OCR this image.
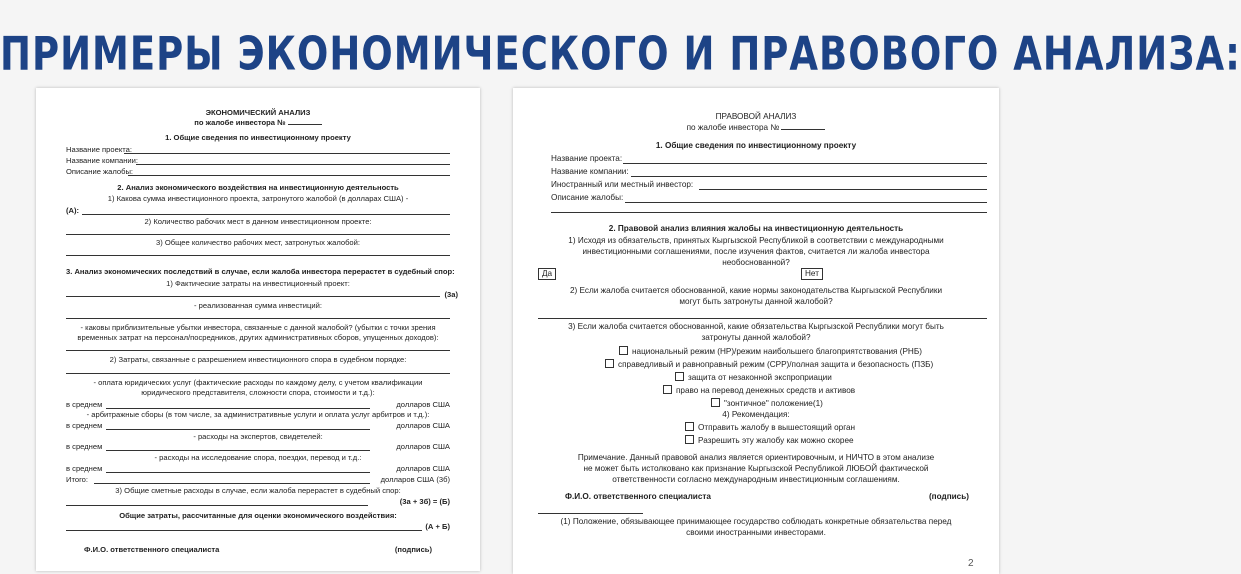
ПРИМЕРЫ ЭКОНОМИЧЕСКОГО И ПРАВОВОГО АНАЛИЗА:
ЭКОНОМИЧЕСКИЙ АНАЛИЗ
по жалобе инвестора №
1. Общие сведения по инвестиционному проекту
Название проекта:
Название компании:
Описание жалобы:
2. Анализ экономического воздействия на инвестиционную деятельность
1) Какова сумма инвестиционного проекта, затронутого жалобой (в долларах США) -
(А):
2) Количество рабочих мест в данном инвестиционном проекте:
3) Общее количество рабочих мест, затронутых жалобой:
3. Анализ экономических последствий в случае, если жалоба инвестора перерастет в судебный спор:
1) Фактические затраты на инвестиционный проект:
(3а)
- реализованная сумма инвестиций:
- каковы приблизительные убытки инвестора, связанные с данной жалобой? (убытки с точки зрения
временных затрат на персонал/посредников, других административных сборов, упущенных доходов):
2) Затраты, связанные с разрешением инвестиционного спора в судебном порядке:
- оплата юридических услуг (фактические расходы по каждому делу, с учетом квалификации
юридического представителя, сложности спора, стоимости и т.д.):
в среднем	долларов США
- арбитражные сборы (в том числе, за административные услуги и оплата услуг арбитров и т.д.):
в среднем	долларов США
- расходы на экспертов, свидетелей:
в среднем	долларов США
- расходы на исследование спора, поездки, перевод и т.д.:
в среднем	долларов США
Итого:	долларов США (3б)
3) Общие сметные расходы в случае, если жалоба перерастет в судебный спор:
(3а + 3б) = (Б)
Общие затраты, рассчитанные для оценки экономического воздействия:
(А + Б)
Ф.И.О. ответственного специалиста	(подпись)
ПРАВОВОЙ АНАЛИЗ
по жалобе инвестора №
1. Общие сведения по инвестиционному проекту
Название проекта:
Название компании:
Иностранный или местный инвестор:
Описание жалобы:
2. Правовой анализ влияния жалобы на инвестиционную деятельность
1) Исходя из обязательств, принятых Кыргызской Республикой в соответствии с международными
инвестиционными соглашениями, после изучения фактов, считается ли жалоба инвестора
необоснованной?
Да	Нет
2) Если жалоба считается обоснованной, какие нормы законодательства Кыргызской Республики
могут быть затронуты данной жалобой?
3) Если жалоба считается обоснованной, какие обязательства Кыргызской Республики могут быть
затронуты данной жалобой?
национальный режим (НР)/режим наибольшего благоприятствования (РНБ)
справедливый и равноправный режим (СРР)/полная защита и безопасность (ПЗБ)
защита от незаконной экспроприации
право на перевод денежных средств и активов
"зонтичное" положение(1)
4) Рекомендация:
Отправить жалобу в вышестоящий орган
Разрешить эту жалобу как можно скорее
Примечание. Данный правовой анализ является ориентировочным, и НИЧТО в этом анализе
не может быть истолковано как признание Кыргызской Республикой ЛЮБОЙ фактической
ответственности согласно международным инвестиционным соглашениям.
Ф.И.О. ответственного специалиста	(подпись)
(1) Положение, обязывающее принимающее государство соблюдать конкретные обязательства перед
своими иностранными инвесторами.
2
